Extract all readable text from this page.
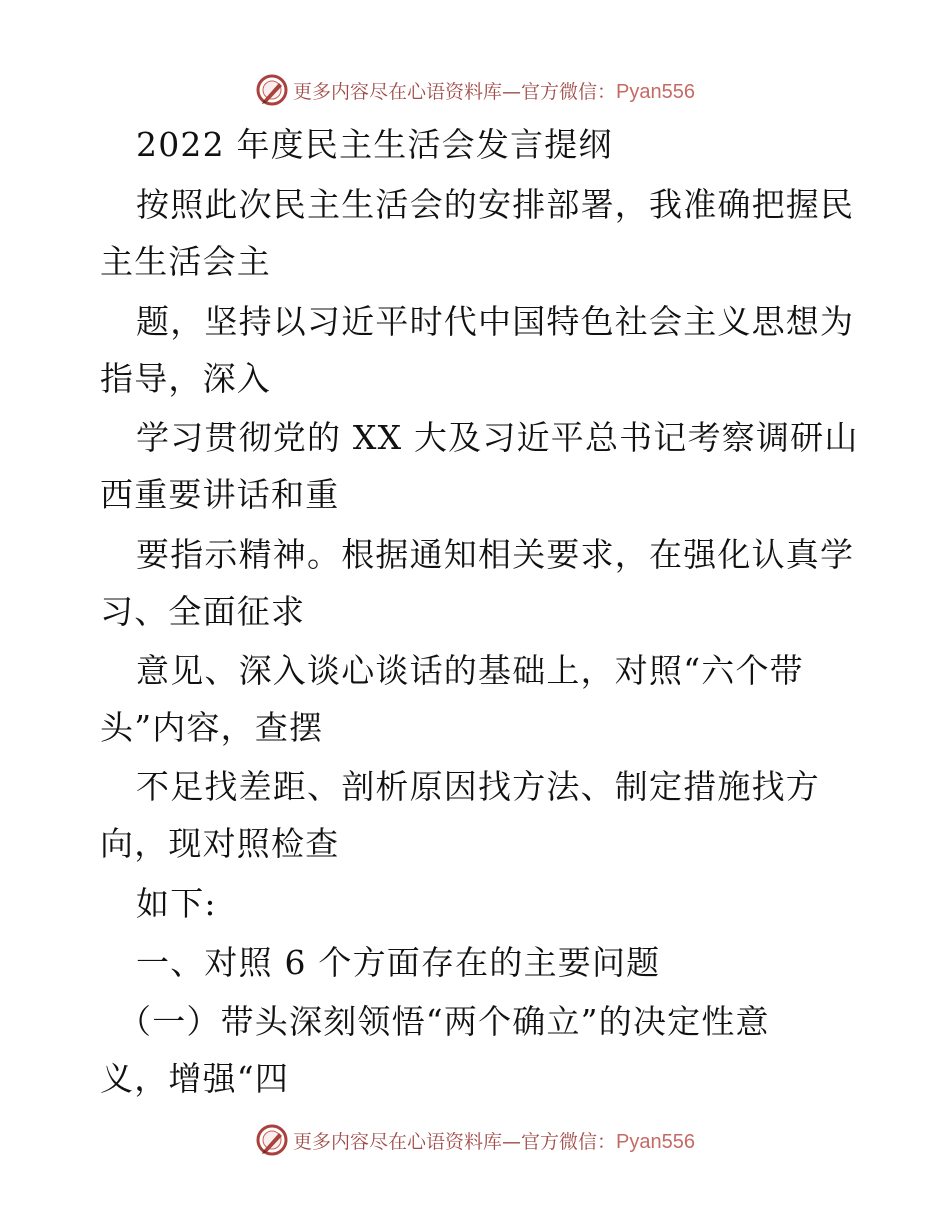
更多内容尽在心语资料库—官方微信：Pyan556
2022 年度民主生活会发言提纲
按照此次民主生活会的安排部署，我准确把握民
主生活会主
题，坚持以习近平时代中国特色社会主义思想为
指导，深入
学习贯彻党的 XX 大及习近平总书记考察调研山
西重要讲话和重
要指示精神。根据通知相关要求，在强化认真学
习、全面征求
意见、深入谈心谈话的基础上，对照“六个带
头”内容，查摆
不足找差距、剖析原因找方法、制定措施找方
向，现对照检查
如下:
一、对照 6 个方面存在的主要问题
（一）带头深刻领悟“两个确立”的决定性意
义，增强“四
更多内容尽在心语资料库—官方微信：Pyan556
